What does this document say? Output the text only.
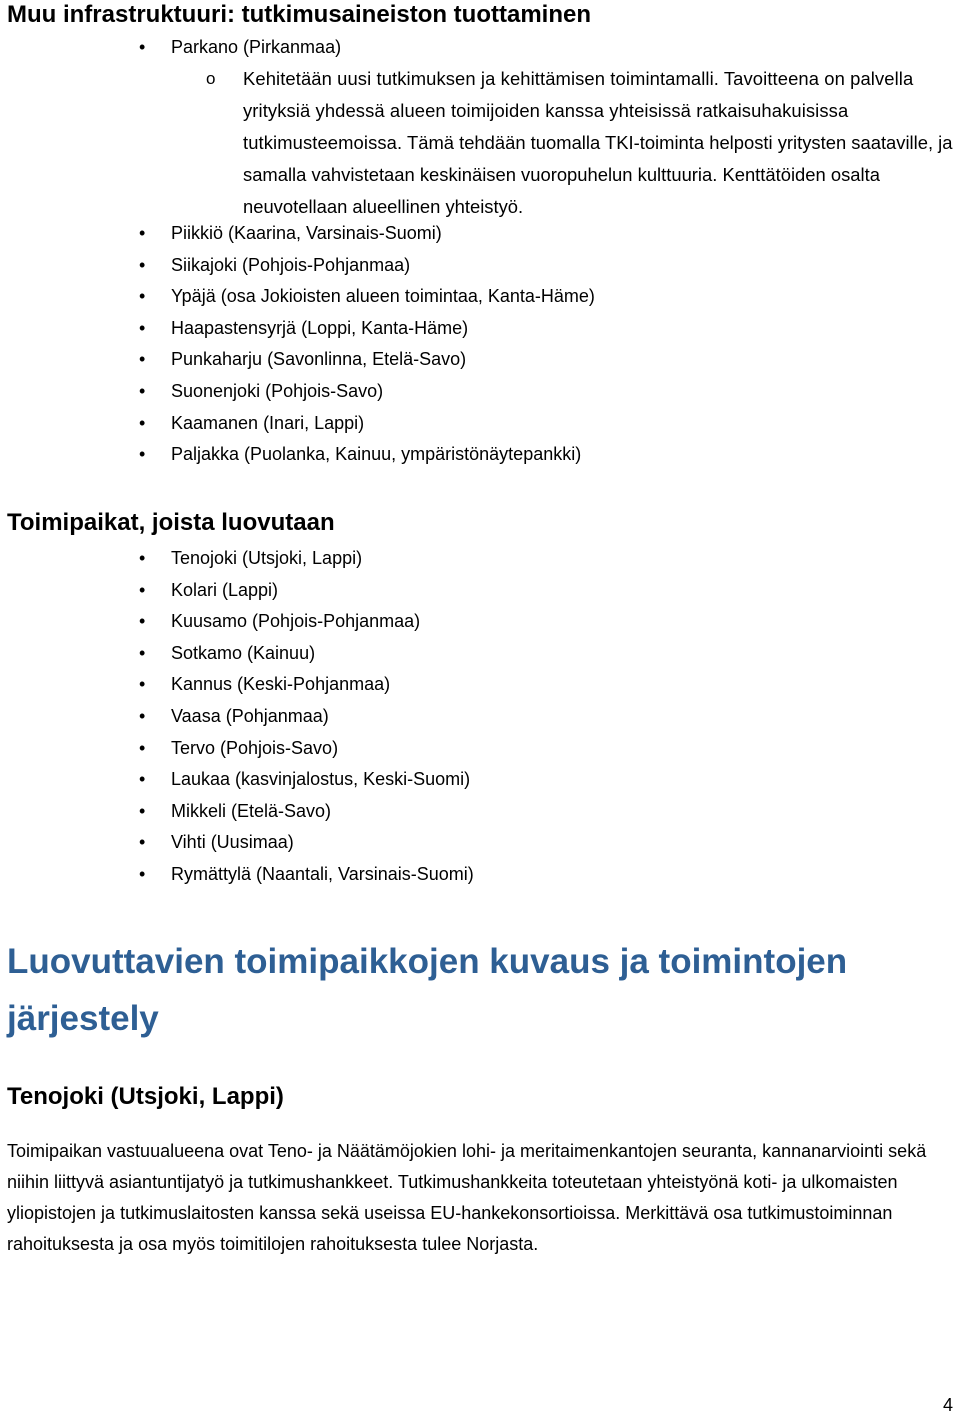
Muu infrastruktuuri: tutkimusaineiston tuottaminen
• Parkano (Pirkanmaa)
o Kehitetään uusi tutkimuksen ja kehittämisen toimintamalli. Tavoitteena on palvella yrityksiä yhdessä alueen toimijoiden kanssa yhteisissä ratkaisuhakuisissa tutkimusteemoissa. Tämä tehdään tuomalla TKI-toiminta helposti yritysten saataville, ja samalla vahvistetaan keskinäisen vuoropuhelun kulttuuria. Kenttätöiden osalta neuvotellaan alueellinen yhteistyö.
• Piikkiö (Kaarina, Varsinais-Suomi)
• Siikajoki (Pohjois-Pohjanmaa)
• Ypäjä (osa Jokioisten alueen toimintaa, Kanta-Häme)
• Haapastensyrjä (Loppi, Kanta-Häme)
• Punkaharju (Savonlinna, Etelä-Savo)
• Suonenjoki (Pohjois-Savo)
• Kaamanen (Inari, Lappi)
• Paljakka (Puolanka, Kainuu, ympäristönäytepankki)
Toimipaikat, joista luovutaan
• Tenojoki (Utsjoki, Lappi)
• Kolari (Lappi)
• Kuusamo (Pohjois-Pohjanmaa)
• Sotkamo (Kainuu)
• Kannus (Keski-Pohjanmaa)
• Vaasa (Pohjanmaa)
• Tervo (Pohjois-Savo)
• Laukaa (kasvinjalostus, Keski-Suomi)
• Mikkeli (Etelä-Savo)
• Vihti (Uusimaa)
• Rymättylä (Naantali, Varsinais-Suomi)
Luovuttavien toimipaikkojen kuvaus ja toimintojen järjestely
Tenojoki (Utsjoki, Lappi)

Toimipaikan vastuualueena ovat Teno- ja Näätämöjokien lohi- ja meritaimenkantojen seuranta, kannanarviointi sekä niihin liittyvä asiantuntijatyö ja tutkimushankkeet. Tutkimushankkeita toteutetaan yhteistyönä koti- ja ulkomaisten yliopistojen ja tutkimuslaitosten kanssa sekä useissa EU-hankekonsortioissa. Merkittävä osa tutkimustoiminnan rahoituksesta ja osa myös toimitilojen rahoituksesta tulee Norjasta.

4
